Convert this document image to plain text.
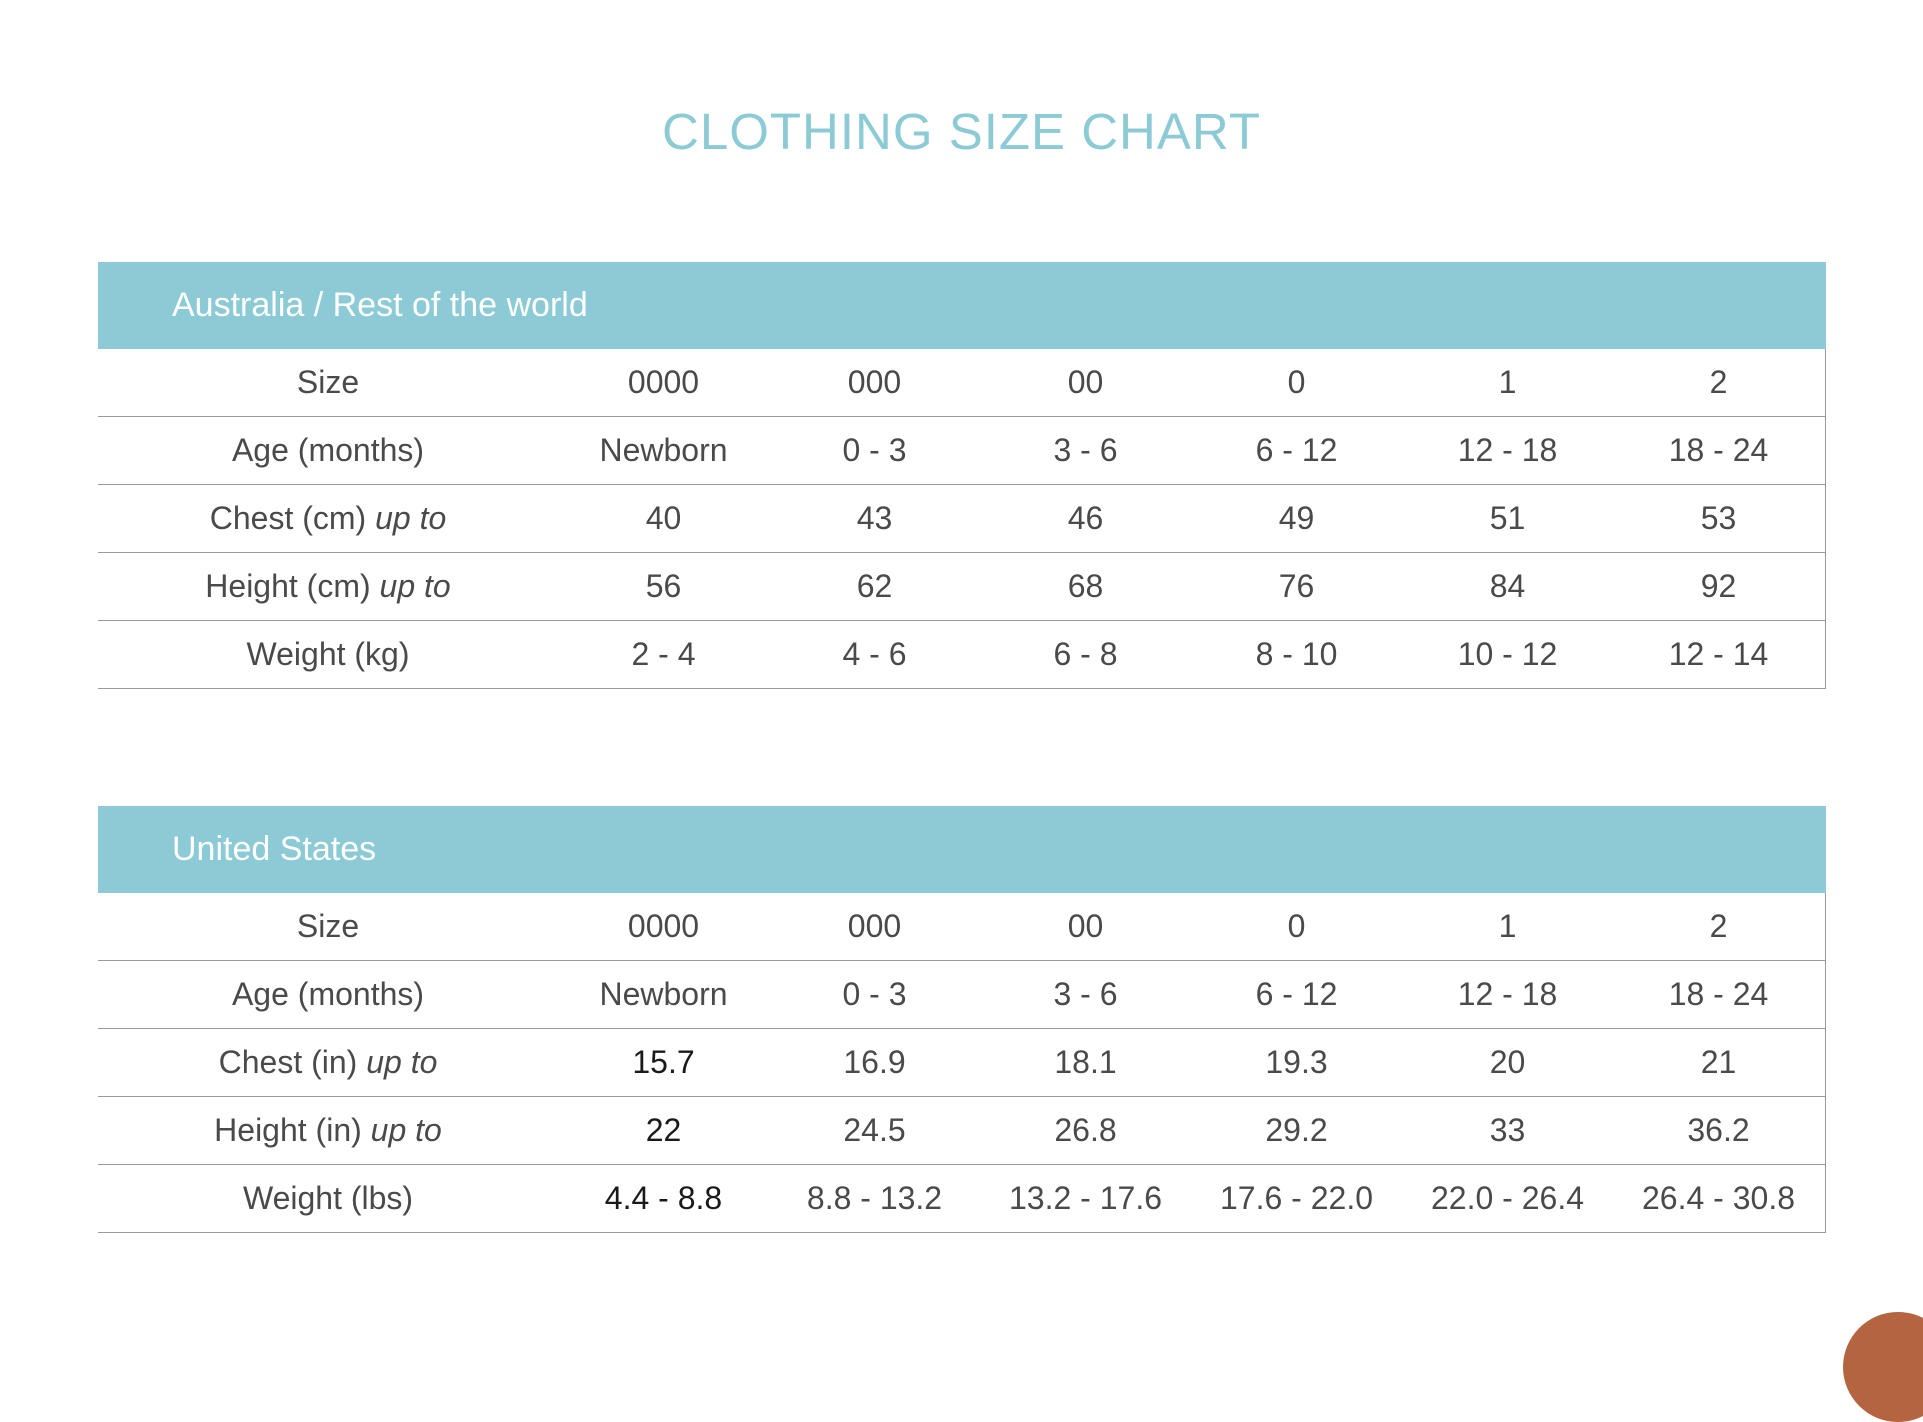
CLOTHING SIZE CHART
Australia / Rest of the world
Size	0000	000	00	0	1	2
Age (months)	Newborn	0 - 3	3 - 6	6 - 12	12 - 18	18 - 24
Chest (cm) up to	40	43	46	49	51	53
Height (cm) up to	56	62	68	76	84	92
Weight (kg)	2 - 4	4 - 6	6 - 8	8 - 10	10 - 12	12 - 14
United States
Size	0000	000	00	0	1	2
Age (months)	Newborn	0 - 3	3 - 6	6 - 12	12 - 18	18 - 24
Chest (in) up to	15.7	16.9	18.1	19.3	20	21
Height (in) up to	22	24.5	26.8	29.2	33	36.2
Weight (lbs)	4.4 - 8.8	8.8 - 13.2	13.2 - 17.6	17.6 - 22.0	22.0 - 26.4	26.4 - 30.8
